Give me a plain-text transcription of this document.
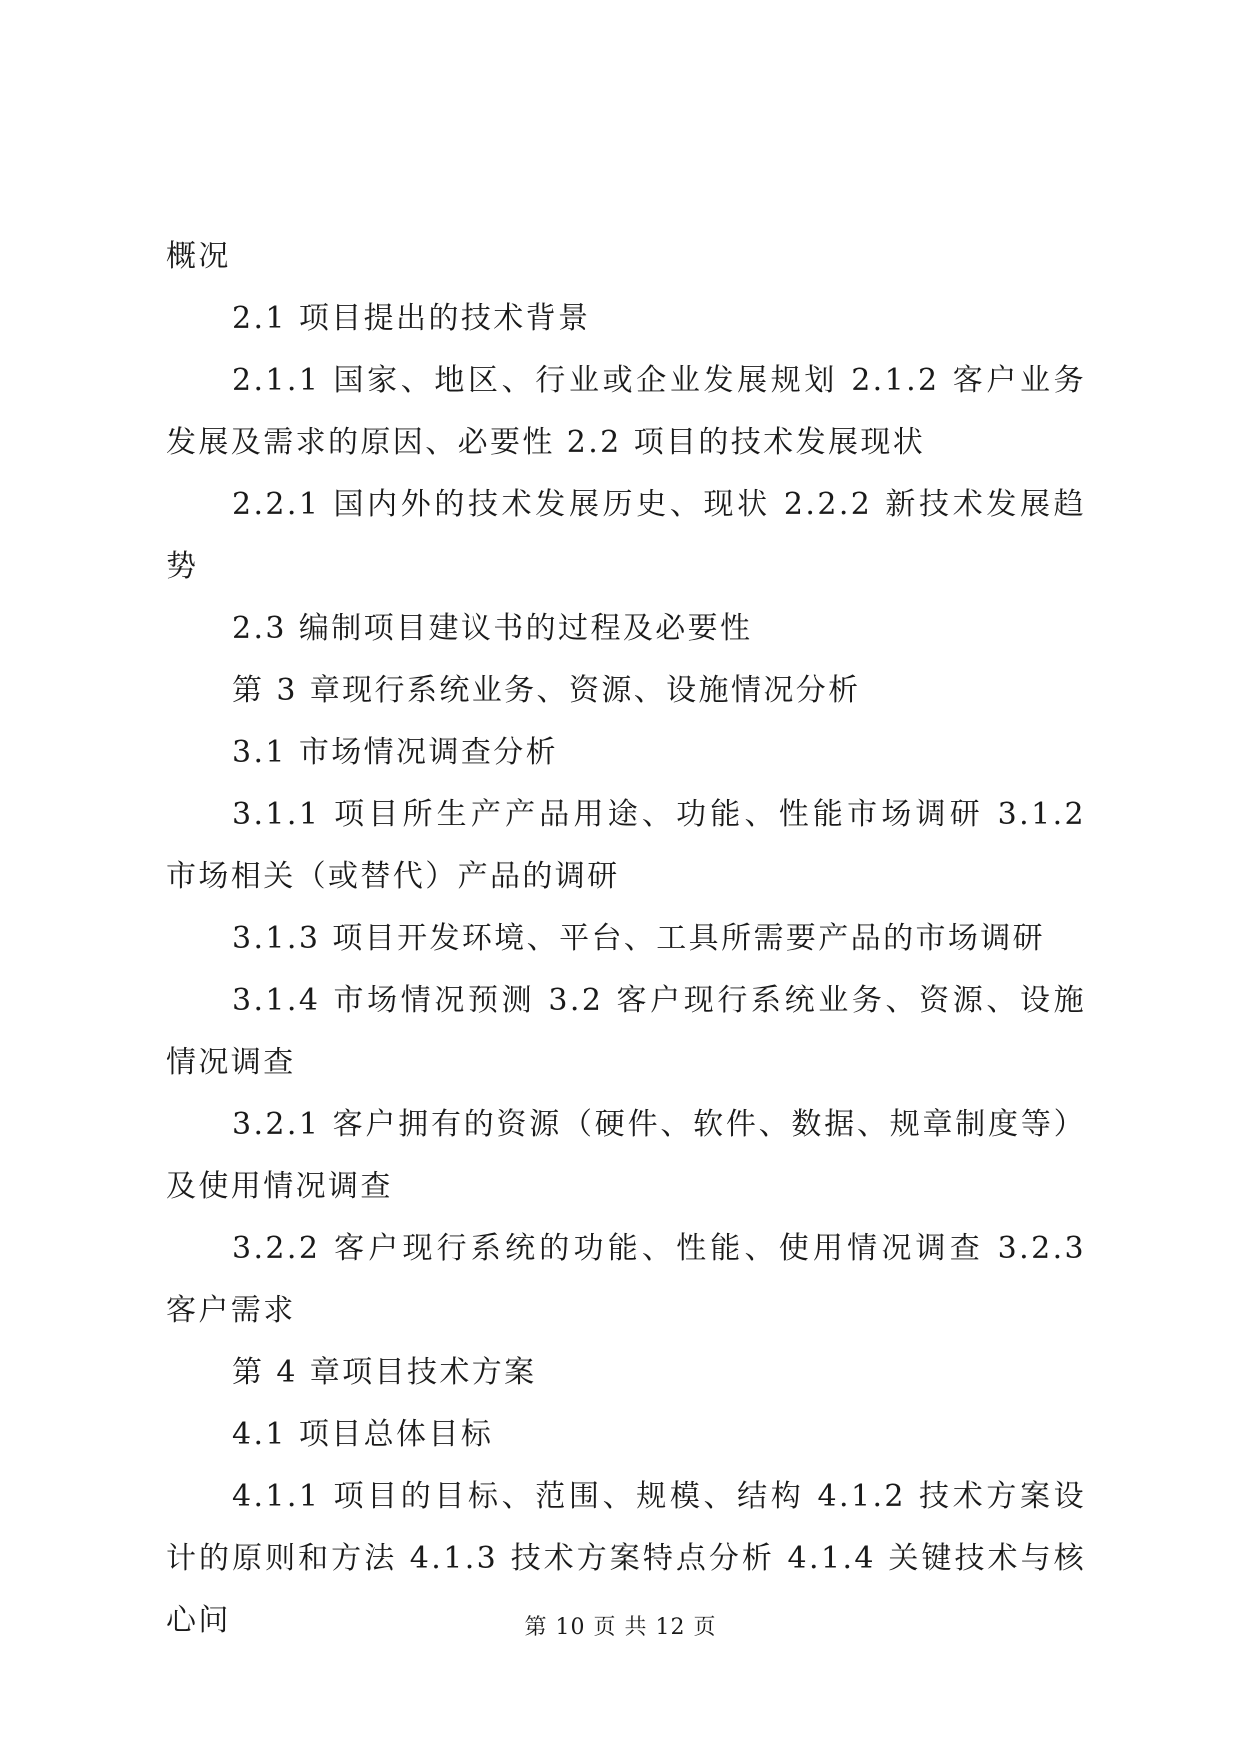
概况

2.1 项目提出的技术背景

2.1.1 国家、地区、行业或企业发展规划 2.1.2 客户业务发展及需求的原因、必要性 2.2 项目的技术发展现状

2.2.1 国内外的技术发展历史、现状 2.2.2 新技术发展趋势

2.3 编制项目建议书的过程及必要性

第 3 章现行系统业务、资源、设施情况分析

3.1 市场情况调查分析

3.1.1 项目所生产产品用途、功能、性能市场调研 3.1.2 市场相关（或替代）产品的调研

3.1.3 项目开发环境、平台、工具所需要产品的市场调研

3.1.4 市场情况预测 3.2 客户现行系统业务、资源、设施情况调查

3.2.1 客户拥有的资源（硬件、软件、数据、规章制度等）及使用情况调查

3.2.2 客户现行系统的功能、性能、使用情况调查 3.2.3 客户需求

第 4 章项目技术方案

4.1 项目总体目标

4.1.1 项目的目标、范围、规模、结构 4.1.2 技术方案设计的原则和方法 4.1.3 技术方案特点分析 4.1.4 关键技术与核心问	第 10 页 共 12 页
